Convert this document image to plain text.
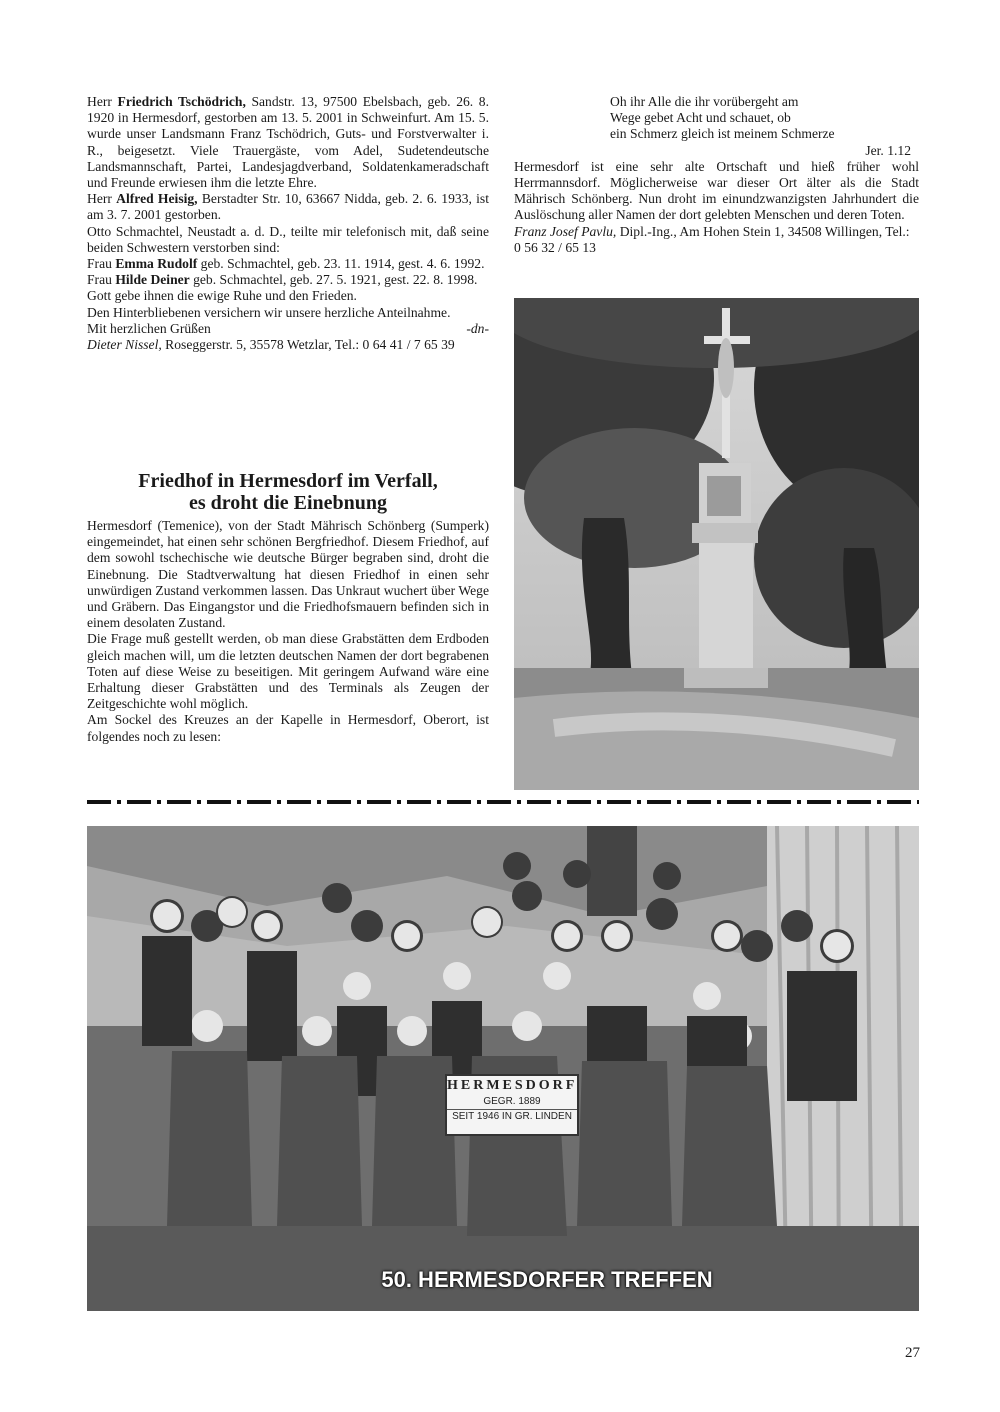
Herr Friedrich Tschödrich, Sandstr. 13, 97500 Ebelsbach, geb. 26. 8. 1920 in Hermesdorf, gestorben am 13. 5. 2001 in Schweinfurt. Am 15. 5. wurde unser Landsmann Franz Tschödrich, Guts- und Forstverwalter i. R., beigesetzt. Viele Trauergäste, vom Adel, Sudetendeutsche Landsmannschaft, Partei, Landesjagdverband, Soldatenkameradschaft und Freunde erwiesen ihm die letzte Ehre.

Herr Alfred Heisig, Berstadter Str. 10, 63667 Nidda, geb. 2. 6. 1933, ist am 3. 7. 2001 gestorben.

Otto Schmachtel, Neustadt a. d. D., teilte mir telefonisch mit, daß seine beiden Schwestern verstorben sind:

Frau Emma Rudolf geb. Schmachtel, geb. 23. 11. 1914, gest. 4. 6. 1992.

Frau Hilde Deiner geb. Schmachtel, geb. 27. 5. 1921, gest. 22. 8. 1998.

Gott gebe ihnen die ewige Ruhe und den Frieden.

Den Hinterbliebenen versichern wir unsere herzliche Anteilnahme.

Mit herzlichen Grüßen	-dn-

Dieter Nissel, Roseggerstr. 5, 35578 Wetzlar, Tel.: 0 64 41 / 7 65 39

Friedhof in Hermesdorf im Verfall,
es droht die Einebnung

Hermesdorf (Temenice), von der Stadt Mährisch Schönberg (Sumperk) eingemeindet, hat einen sehr schönen Bergfriedhof. Diesem Friedhof, auf dem sowohl tschechische wie deutsche Bürger begraben sind, droht die Einebnung. Die Stadtverwaltung hat diesen Friedhof in einen sehr unwürdigen Zustand verkommen lassen. Das Unkraut wuchert über Wege und Gräbern. Das Eingangstor und die Friedhofsmauern befinden sich in einem desolaten Zustand.

Die Frage muß gestellt werden, ob man diese Grabstätten dem Erdboden gleich machen will, um die letzten deutschen Namen der dort begrabenen Toten auf diese Weise zu beseitigen. Mit geringem Aufwand wäre eine Erhaltung dieser Grabstätten und des Terminals als Zeugen der Zeitgeschichte wohl möglich.

Am Sockel des Kreuzes an der Kapelle in Hermesdorf, Oberort, ist folgendes noch zu lesen:

Oh ihr Alle die ihr vorübergeht am
Wege gebet Acht und schauet, ob
ein Schmerz gleich ist meinem Schmerze
Jer. 1.12

Hermesdorf ist eine sehr alte Ortschaft und hieß früher wohl Herrmannsdorf. Möglicherweise war dieser Ort älter als die Stadt Mährisch Schönberg. Nun droht im einundzwanzigsten Jahrhundert die Auslöschung aller Namen der dort gelebten Menschen und deren Toten.

Franz Josef Pavlu, Dipl.-Ing., Am Hohen Stein 1, 34508 Willingen, Tel.: 0 56 32 / 65 13

HERMESDORF
GEGR. 1889
SEIT 1946 IN GR. LINDEN
50. HERMESDORFER TREFFEN
27
